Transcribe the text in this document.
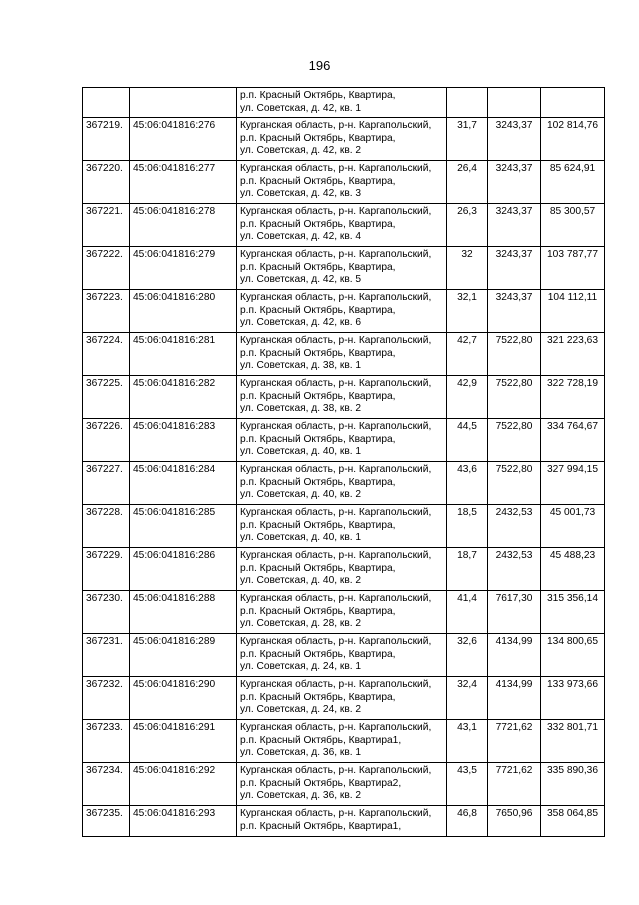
196
		р.п. Красный Октябрь, Квартира,
ул. Советская, д. 42, кв. 1			
367219.	45:06:041816:276	Курганская область, р-н. Каргапольский,
р.п. Красный Октябрь, Квартира,
ул. Советская, д. 42, кв. 2	31,7	3243,37	102 814,76
367220.	45:06:041816:277	Курганская область, р-н. Каргапольский,
р.п. Красный Октябрь, Квартира,
ул. Советская, д. 42, кв. 3	26,4	3243,37	85 624,91
367221.	45:06:041816:278	Курганская область, р-н. Каргапольский,
р.п. Красный Октябрь, Квартира,
ул. Советская, д. 42, кв. 4	26,3	3243,37	85 300,57
367222.	45:06:041816:279	Курганская область, р-н. Каргапольский,
р.п. Красный Октябрь, Квартира,
ул. Советская, д. 42, кв. 5	32	3243,37	103 787,77
367223.	45:06:041816:280	Курганская область, р-н. Каргапольский,
р.п. Красный Октябрь, Квартира,
ул. Советская, д. 42, кв. 6	32,1	3243,37	104 112,11
367224.	45:06:041816:281	Курганская область, р-н. Каргапольский,
р.п. Красный Октябрь, Квартира,
ул. Советская, д. 38, кв. 1	42,7	7522,80	321 223,63
367225.	45:06:041816:282	Курганская область, р-н. Каргапольский,
р.п. Красный Октябрь, Квартира,
ул. Советская, д. 38, кв. 2	42,9	7522,80	322 728,19
367226.	45:06:041816:283	Курганская область, р-н. Каргапольский,
р.п. Красный Октябрь, Квартира,
ул. Советская, д. 40, кв. 1	44,5	7522,80	334 764,67
367227.	45:06:041816:284	Курганская область, р-н. Каргапольский,
р.п. Красный Октябрь, Квартира,
ул. Советская, д. 40, кв. 2	43,6	7522,80	327 994,15
367228.	45:06:041816:285	Курганская область, р-н. Каргапольский,
р.п. Красный Октябрь, Квартира,
ул. Советская, д. 40, кв. 1	18,5	2432,53	45 001,73
367229.	45:06:041816:286	Курганская область, р-н. Каргапольский,
р.п. Красный Октябрь, Квартира,
ул. Советская, д. 40, кв. 2	18,7	2432,53	45 488,23
367230.	45:06:041816:288	Курганская область, р-н. Каргапольский,
р.п. Красный Октябрь, Квартира,
ул. Советская, д. 28, кв. 2	41,4	7617,30	315 356,14
367231.	45:06:041816:289	Курганская область, р-н. Каргапольский,
р.п. Красный Октябрь, Квартира,
ул. Советская, д. 24, кв. 1	32,6	4134,99	134 800,65
367232.	45:06:041816:290	Курганская область, р-н. Каргапольский,
р.п. Красный Октябрь, Квартира,
ул. Советская, д. 24, кв. 2	32,4	4134,99	133 973,66
367233.	45:06:041816:291	Курганская область, р-н. Каргапольский,
р.п. Красный Октябрь, Квартира1,
ул. Советская, д. 36, кв. 1	43,1	7721,62	332 801,71
367234.	45:06:041816:292	Курганская область, р-н. Каргапольский,
р.п. Красный Октябрь, Квартира2,
ул. Советская, д. 36, кв. 2	43,5	7721,62	335 890,36
367235.	45:06:041816:293	Курганская область, р-н. Каргапольский,
р.п. Красный Октябрь, Квартира1,	46,8	7650,96	358 064,85
